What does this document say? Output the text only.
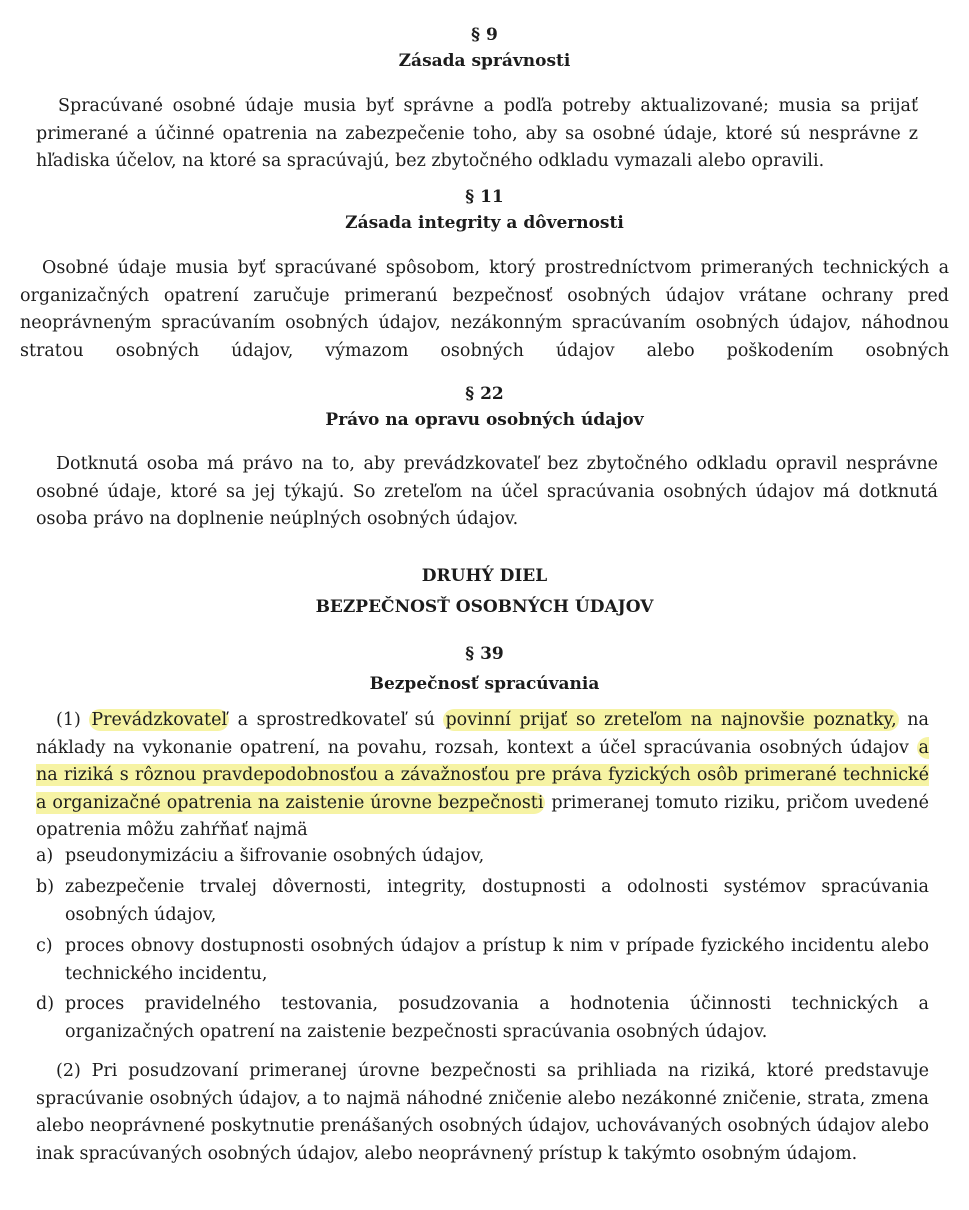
§ 9

Zásada správnosti

Spracúvané osobné údaje musia byť správne a podľa potreby aktualizované; musia sa prijať primerané a účinné opatrenia na zabezpečenie toho, aby sa osobné údaje, ktoré sú nesprávne z hľadiska účelov, na ktoré sa spracúvajú, bez zbytočného odkladu vymazali alebo opravili.

§ 11

Zásada integrity a dôvernosti

Osobné údaje musia byť spracúvané spôsobom, ktorý prostredníctvom primeraných technických a organizačných opatrení zaručuje primeranú bezpečnosť osobných údajov vrátane ochrany pred neoprávneným spracúvaním osobných údajov, nezákonným spracúvaním osobných údajov, náhodnou stratou osobných údajov, výmazom osobných údajov alebo poškodením osobných

§ 22

Právo na opravu osobných údajov

Dotknutá osoba má právo na to, aby prevádzkovateľ bez zbytočného odkladu opravil nesprávne osobné údaje, ktoré sa jej týkajú. So zreteľom na účel spracúvania osobných údajov má dotknutá osoba právo na doplnenie neúplných osobných údajov.

DRUHÝ DIEL

BEZPEČNOSŤ OSOBNÝCH ÚDAJOV

§ 39

Bezpečnosť spracúvania

(1) Prevádzkovateľ a sprostredkovateľ sú povinní prijať so zreteľom na najnovšie poznatky, na náklady na vykonanie opatrení, na povahu, rozsah, kontext a účel spracúvania osobných údajov a na riziká s rôznou pravdepodobnosťou a závažnosťou pre práva fyzických osôb primerané technické a organizačné opatrenia na zaistenie úrovne bezpečnosti primeranej tomuto riziku, pričom uvedené opatrenia môžu zahŕňať najmä

a) pseudonymizáciu a šifrovanie osobných údajov,
b) zabezpečenie trvalej dôvernosti, integrity, dostupnosti a odolnosti systémov spracúvania osobných údajov,
c) proces obnovy dostupnosti osobných údajov a prístup k nim v prípade fyzického incidentu alebo technického incidentu,
d) proces pravidelného testovania, posudzovania a hodnotenia účinnosti technických a organizačných opatrení na zaistenie bezpečnosti spracúvania osobných údajov.

(2) Pri posudzovaní primeranej úrovne bezpečnosti sa prihliada na riziká, ktoré predstavuje spracúvanie osobných údajov, a to najmä náhodné zničenie alebo nezákonné zničenie, strata, zmena alebo neoprávnené poskytnutie prenášaných osobných údajov, uchovávaných osobných údajov alebo inak spracúvaných osobných údajov, alebo neoprávnený prístup k takýmto osobným údajom.
